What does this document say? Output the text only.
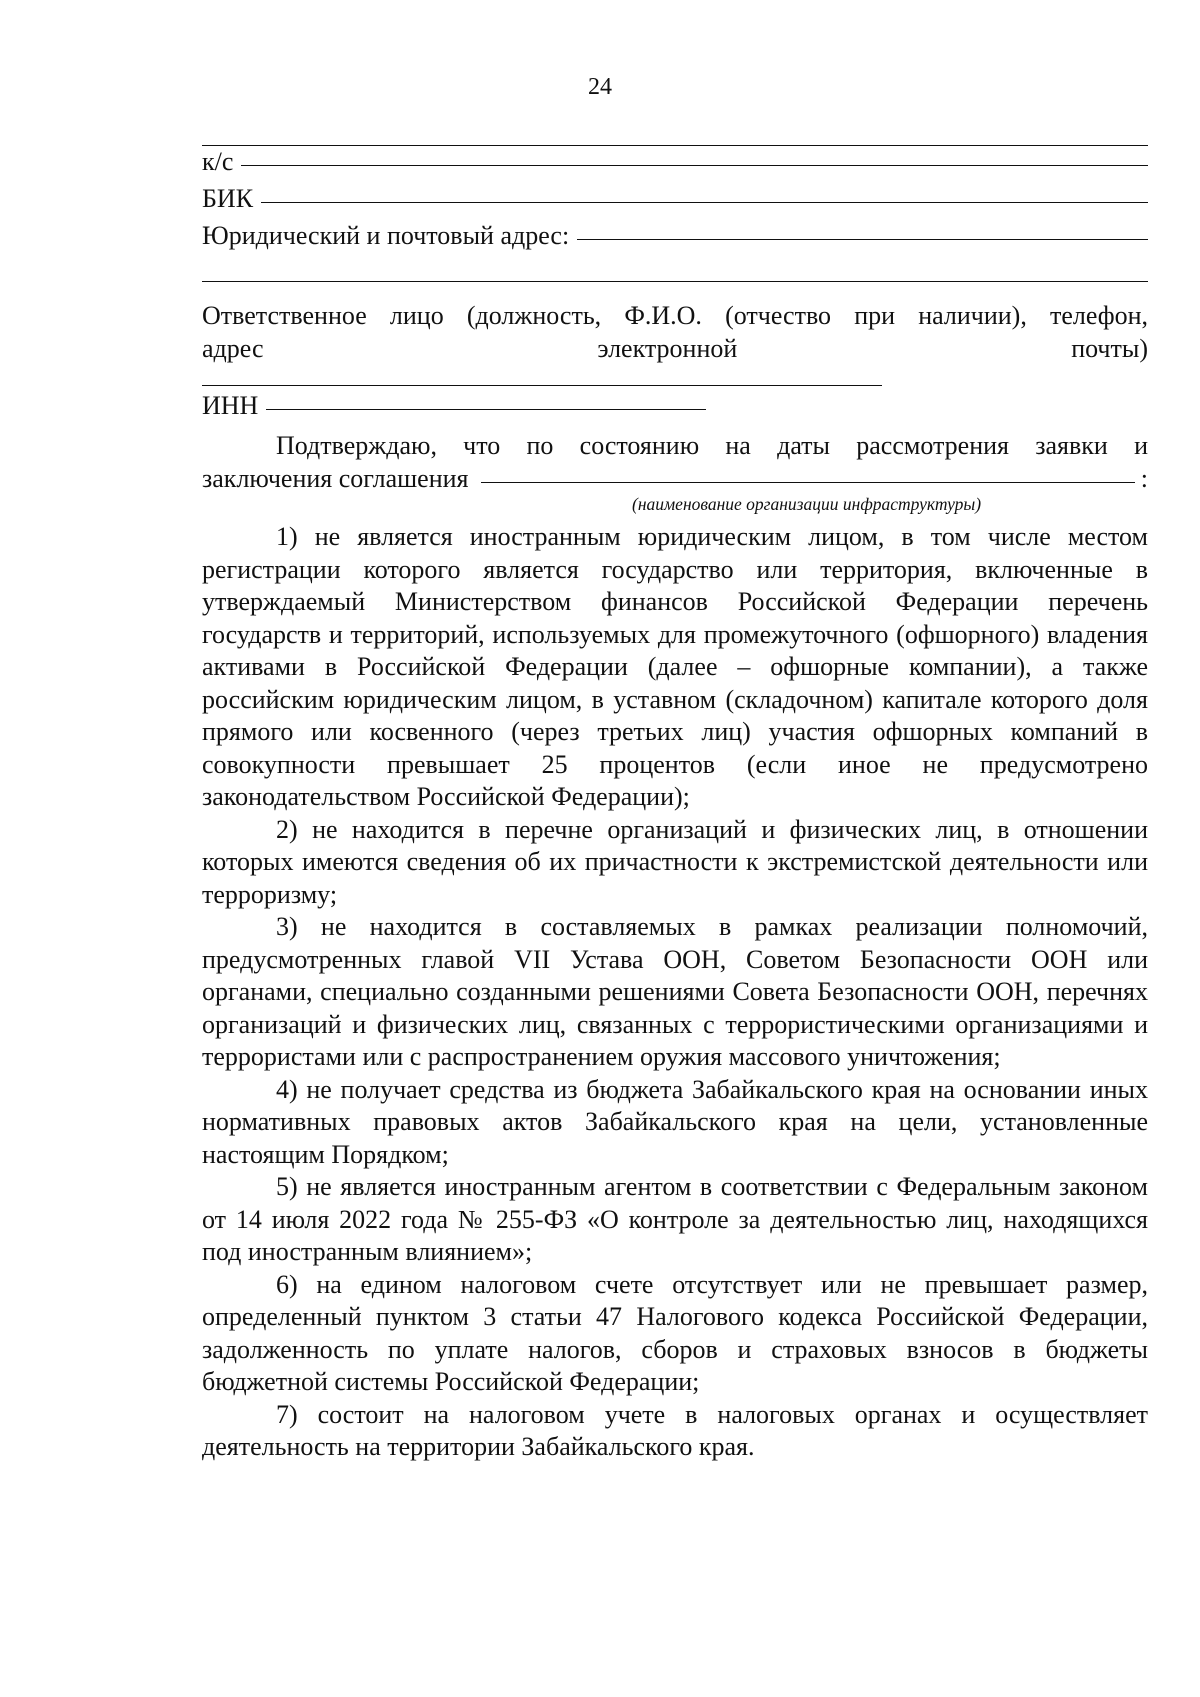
24
к/с
БИК
Юридический и почтовый адрес:
Ответственное лицо (должность, Ф.И.О. (отчество при наличии), телефон,
адрес электронной почты)
ИНН
Подтверждаю, что по состоянию на даты рассмотрения заявки и
заключения соглашения	:
(наименование организации инфраструктуры)
1) не является иностранным юридическим лицом, в том числе местом регистрации которого является государство или территория, включенные в утверждаемый Министерством финансов Российской Федерации перечень государств и территорий, используемых для промежуточного (офшорного) владения активами в Российской Федерации (далее – офшорные компании), а также российским юридическим лицом, в уставном (складочном) капитале которого доля прямого или косвенного (через третьих лиц) участия офшорных компаний в совокупности превышает 25 процентов (если иное не предусмотрено законодательством Российской Федерации);
2) не находится в перечне организаций и физических лиц, в отношении которых имеются сведения об их причастности к экстремистской деятельности или терроризму;
3) не находится в составляемых в рамках реализации полномочий, предусмотренных главой VII Устава ООН, Советом Безопасности ООН или органами, специально созданными решениями Совета Безопасности ООН, перечнях организаций и физических лиц, связанных с террористическими организациями и террористами или с распространением оружия массового уничтожения;
4) не получает средства из бюджета Забайкальского края на основании иных нормативных правовых актов Забайкальского края на цели, установленные настоящим Порядком;
5) не является иностранным агентом в соответствии с Федеральным законом от 14 июля 2022 года № 255-ФЗ «О контроле за деятельностью лиц, находящихся под иностранным влиянием»;
6) на едином налоговом счете отсутствует или не превышает размер, определенный пунктом 3 статьи 47 Налогового кодекса Российской Федерации, задолженность по уплате налогов, сборов и страховых взносов в бюджеты бюджетной системы Российской Федерации;
7) состоит на налоговом учете в налоговых органах и осуществляет деятельность на территории Забайкальского края.
